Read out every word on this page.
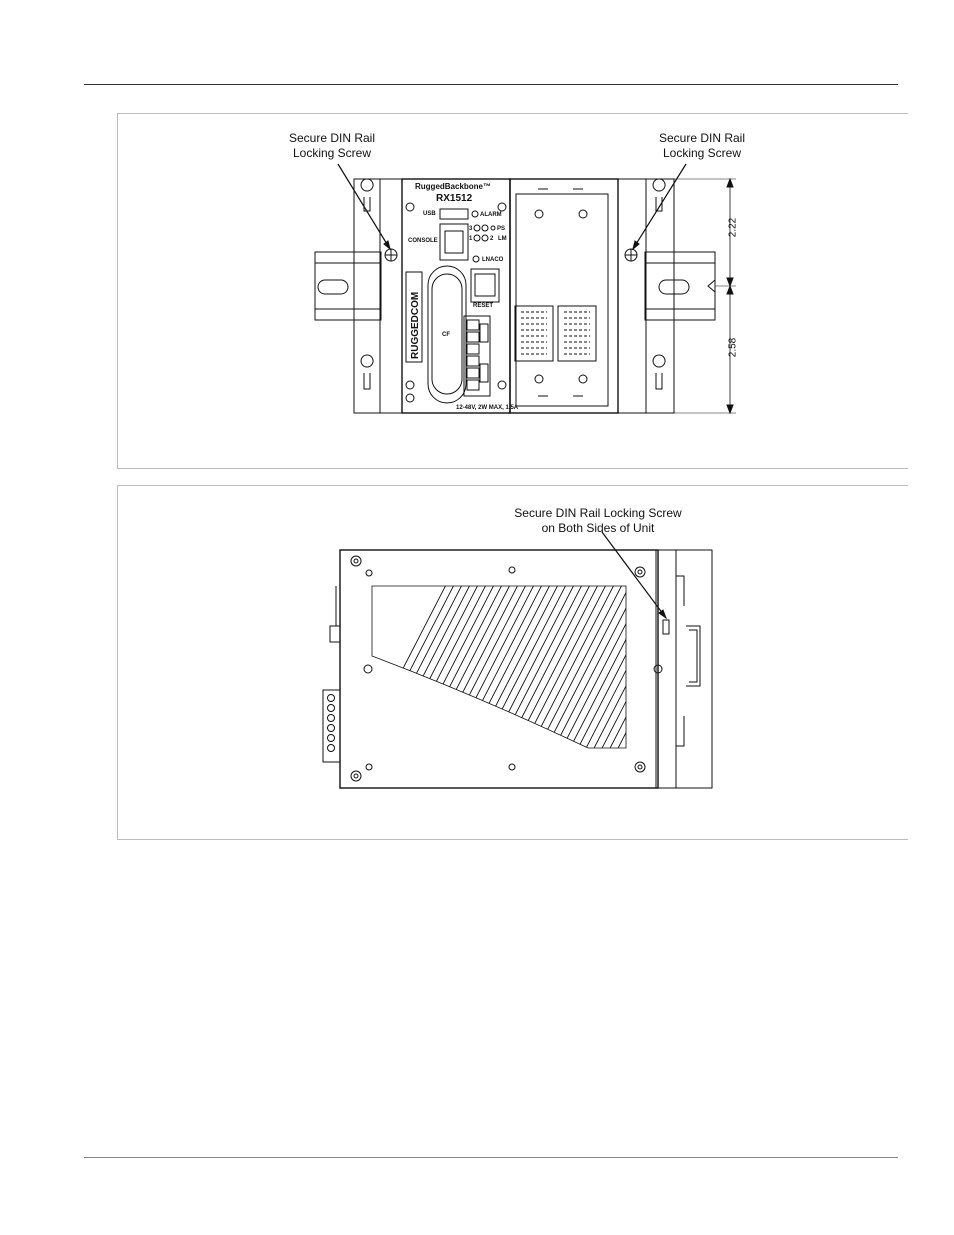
Secure DIN Rail
Locking Screw
Secure DIN Rail
Locking Screw
RuggedBackbone™
RX1512
USB	ALARM
CONSOLE
3	PS
1	2 LM
LNACO
RESET
CF
12-48V, 2W MAX, 1.5A
RUGGEDCOM
2.22
2.58
Secure DIN Rail Locking Screw
on Both Sides of Unit
